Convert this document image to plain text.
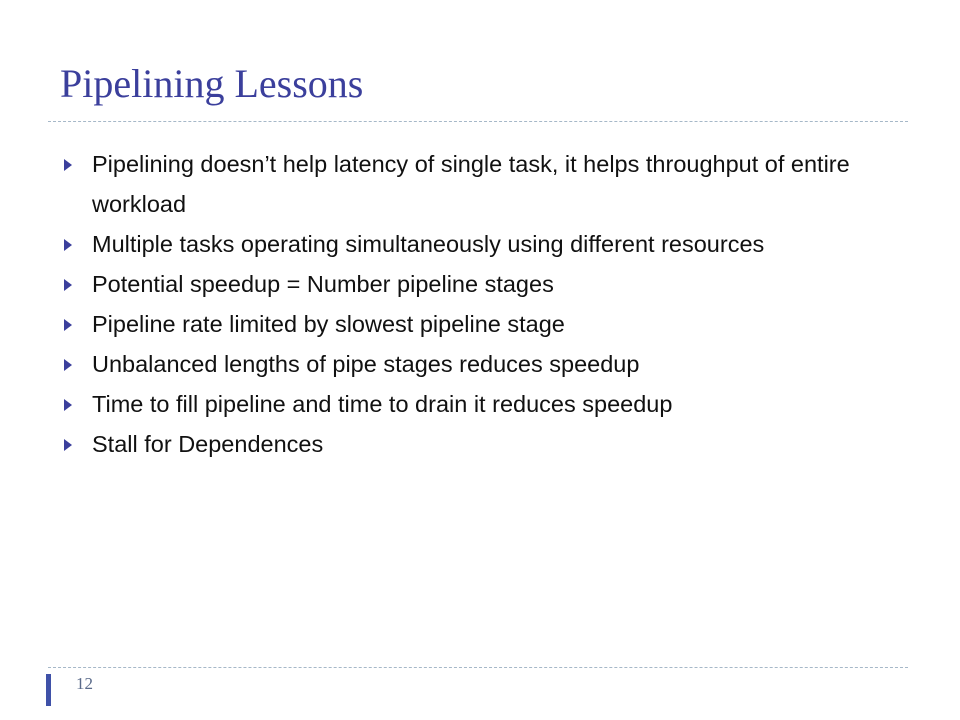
Pipelining Lessons
Pipelining doesn’t help latency of single task, it helps throughput of entire workload
Multiple tasks operating simultaneously using different resources
Potential speedup = Number pipeline stages
Pipeline rate limited by slowest pipeline stage
Unbalanced lengths of pipe stages reduces speedup
Time to fill pipeline and time to drain it reduces speedup
Stall for Dependences
12
